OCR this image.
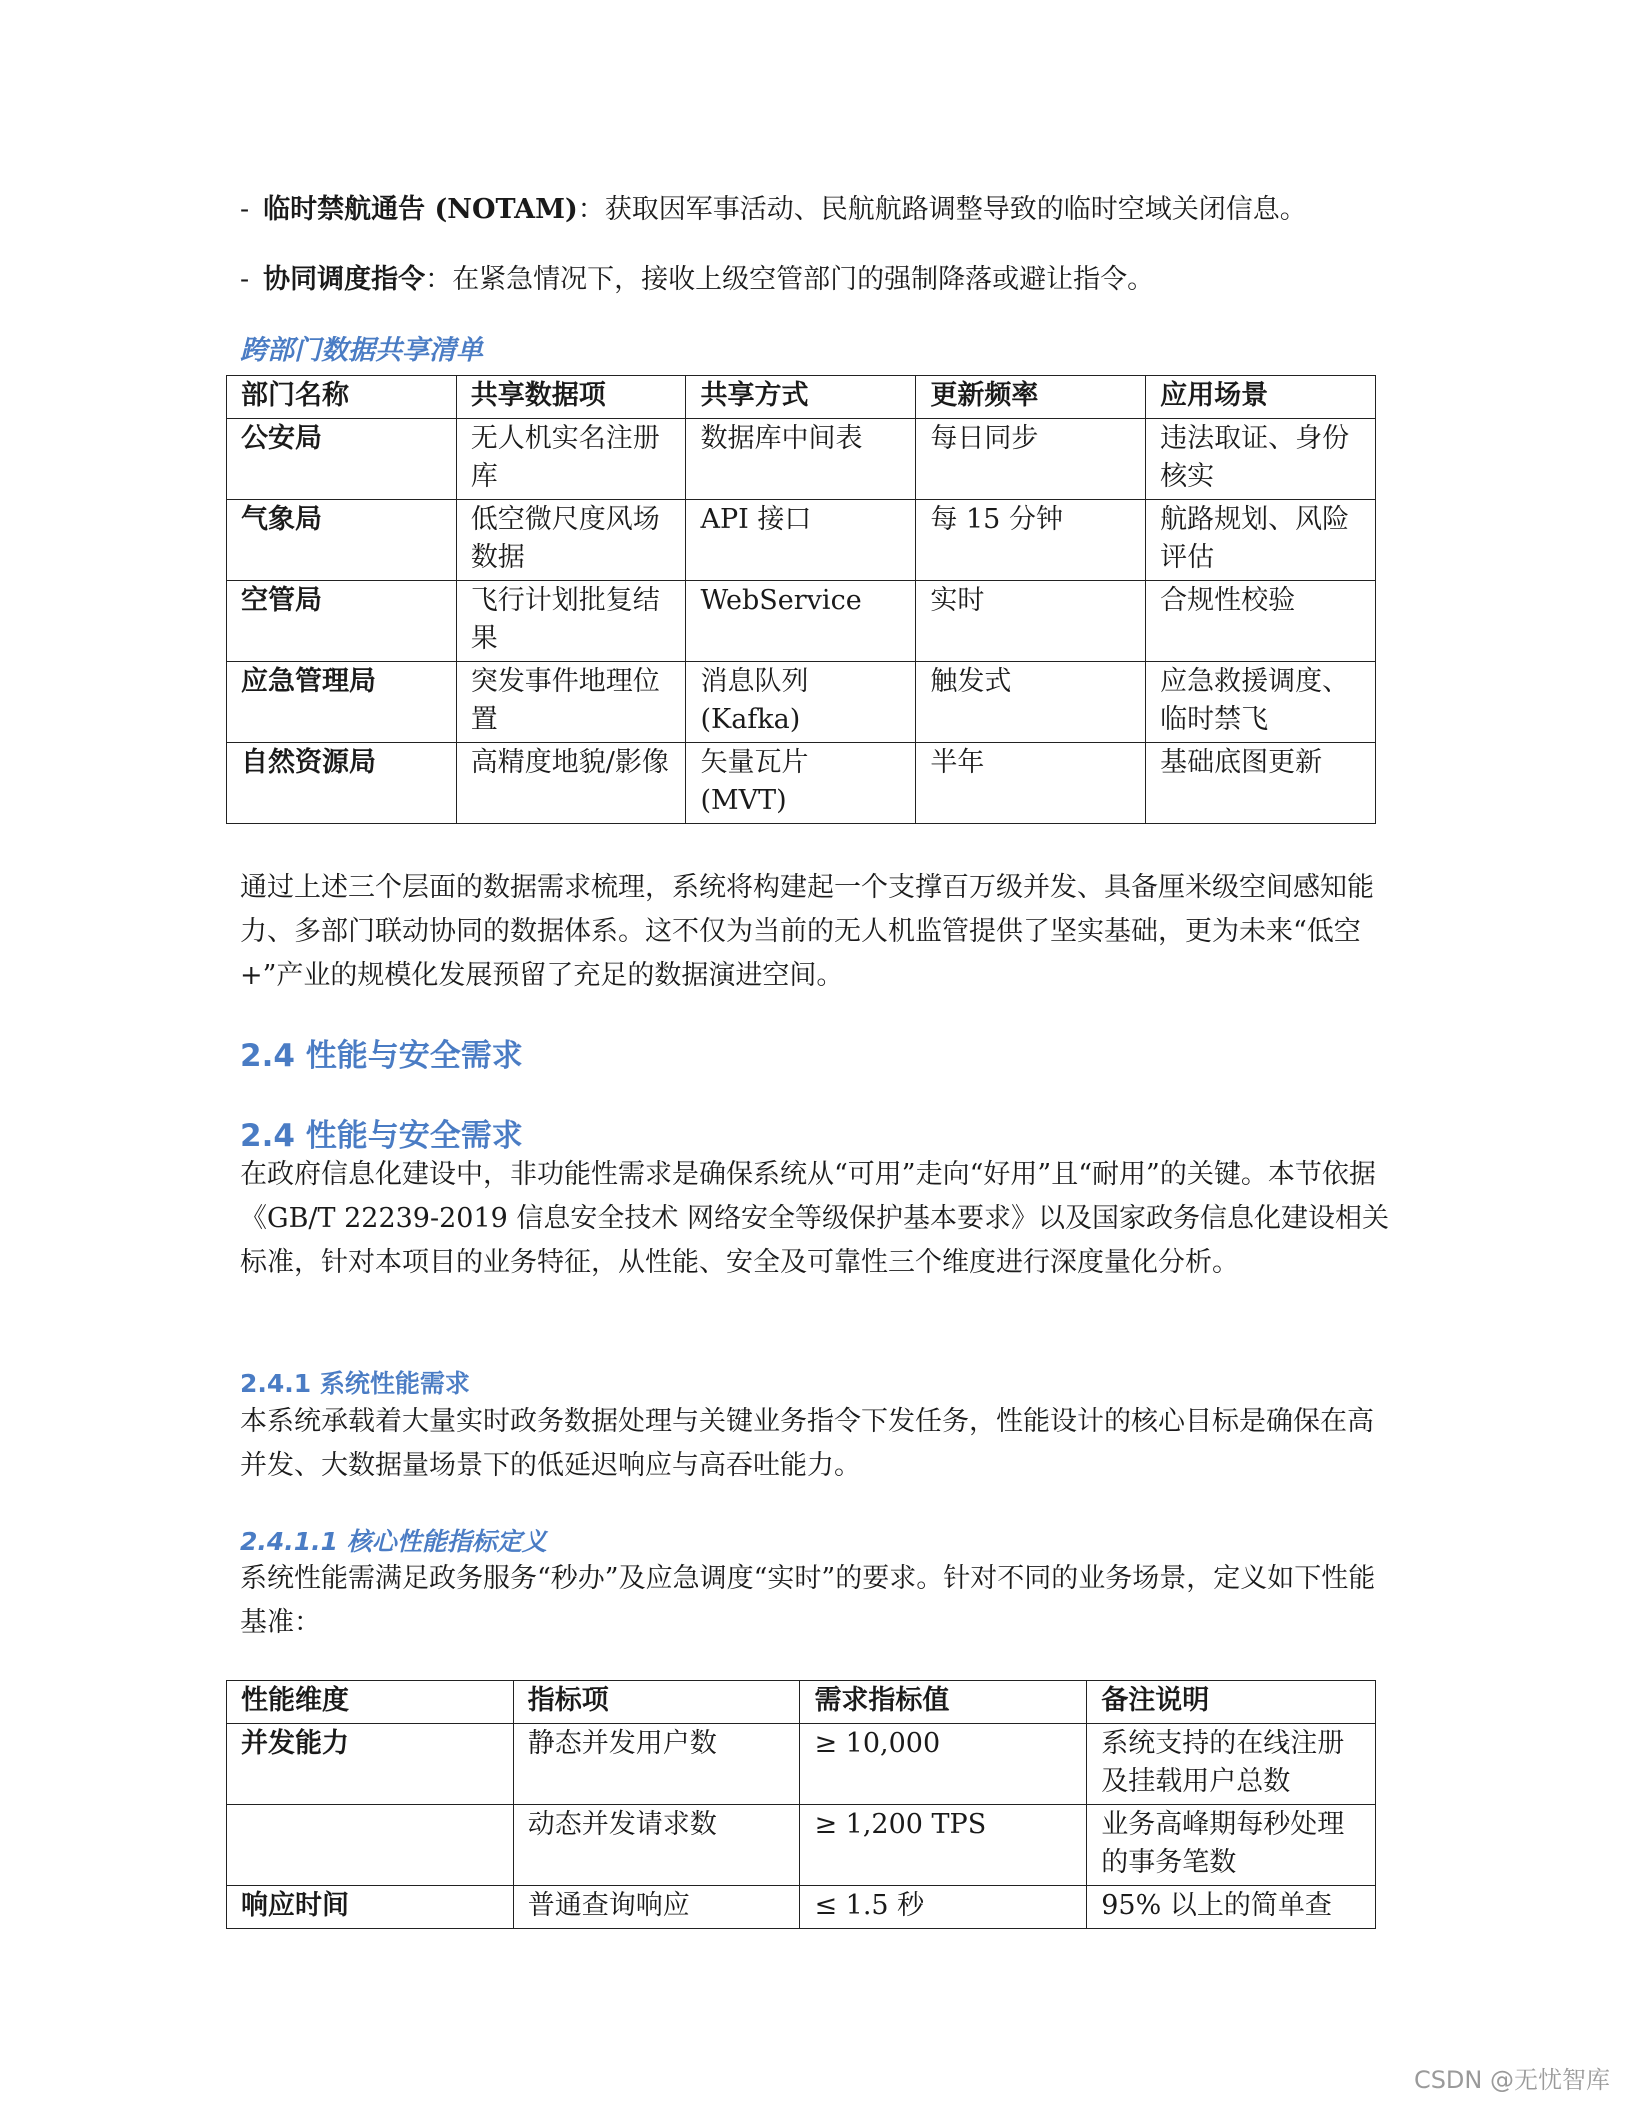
- 临时禁航通告 (NOTAM)：获取因军事活动、民航航路调整导致的临时空域关闭信息。
- 协同调度指令：在紧急情况下，接收上级空管部门的强制降落或避让指令。
跨部门数据共享清单
部门名称	共享数据项	共享方式	更新频率	应用场景
公安局	无人机实名注册库	数据库中间表	每日同步	违法取证、身份核实
气象局	低空微尺度风场数据	API 接口	每 15 分钟	航路规划、风险评估
空管局	飞行计划批复结果	WebService	实时	合规性校验
应急管理局	突发事件地理位置	消息队列 (Kafka)	触发式	应急救援调度、临时禁飞
自然资源局	高精度地貌/影像	矢量瓦片 (MVT)	半年	基础底图更新
通过上述三个层面的数据需求梳理，系统将构建起一个支撑百万级并发、具备厘米级空间感知能力、多部门联动协同的数据体系。这不仅为当前的无人机监管提供了坚实基础，更为未来“低空+”产业的规模化发展预留了充足的数据演进空间。
2.4 性能与安全需求
2.4 性能与安全需求
在政府信息化建设中，非功能性需求是确保系统从“可用”走向“好用”且“耐用”的关键。本节依据《GB/T 22239-2019 信息安全技术 网络安全等级保护基本要求》以及国家政务信息化建设相关标准，针对本项目的业务特征，从性能、安全及可靠性三个维度进行深度量化分析。
2.4.1 系统性能需求
本系统承载着大量实时政务数据处理与关键业务指令下发任务，性能设计的核心目标是确保在高并发、大数据量场景下的低延迟响应与高吞吐能力。
2.4.1.1 核心性能指标定义
系统性能需满足政务服务“秒办”及应急调度“实时”的要求。针对不同的业务场景，定义如下性能基准：
性能维度	指标项	需求指标值	备注说明
并发能力	静态并发用户数	≥ 10,000	系统支持的在线注册及挂载用户总数
	动态并发请求数	≥ 1,200 TPS	业务高峰期每秒处理的事务笔数
响应时间	普通查询响应	≤ 1.5 秒	95% 以上的简单查
CSDN @无忧智库
